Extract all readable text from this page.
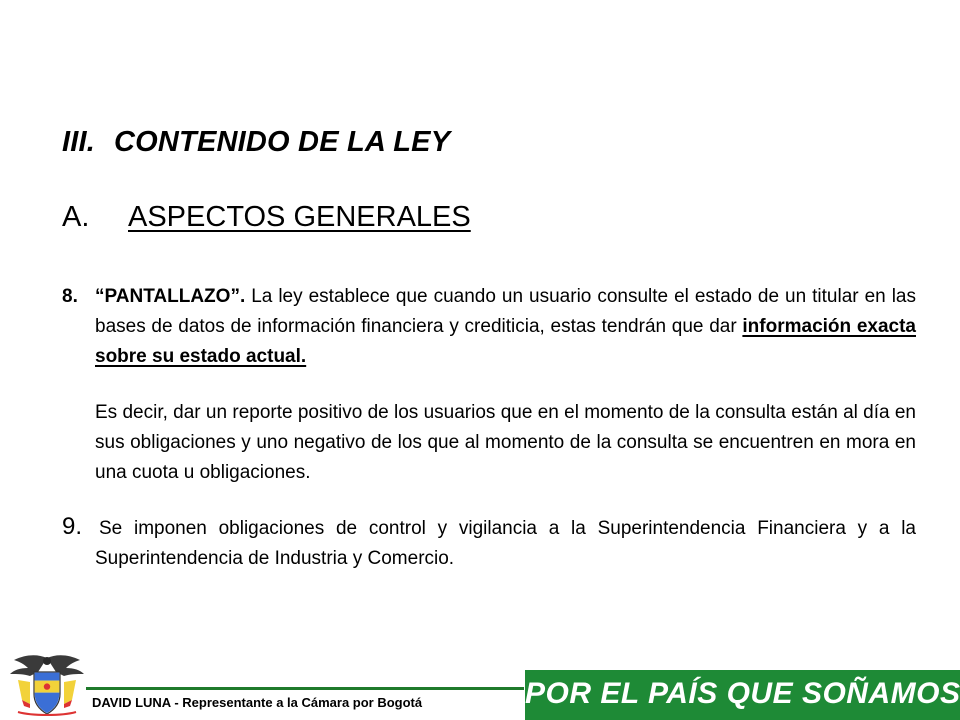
III. CONTENIDO DE LA LEY
A. ASPECTOS GENERALES
8. “PANTALLAZO”. La ley establece que cuando un usuario consulte el estado de un titular en las bases de datos de información financiera y crediticia, estas tendrán que dar información exacta sobre su estado actual.
Es decir, dar un reporte positivo de los usuarios que en el momento de la consulta están al día en sus obligaciones y uno negativo de los que al momento de la consulta se encuentren en mora en una cuota u obligaciones.
9. Se imponen obligaciones de control y vigilancia a la Superintendencia Financiera y a la Superintendencia de Industria y Comercio.
DAVID LUNA - Representante a la Cámara por Bogotá	POR EL PAÍS QUE SOÑAMOS
